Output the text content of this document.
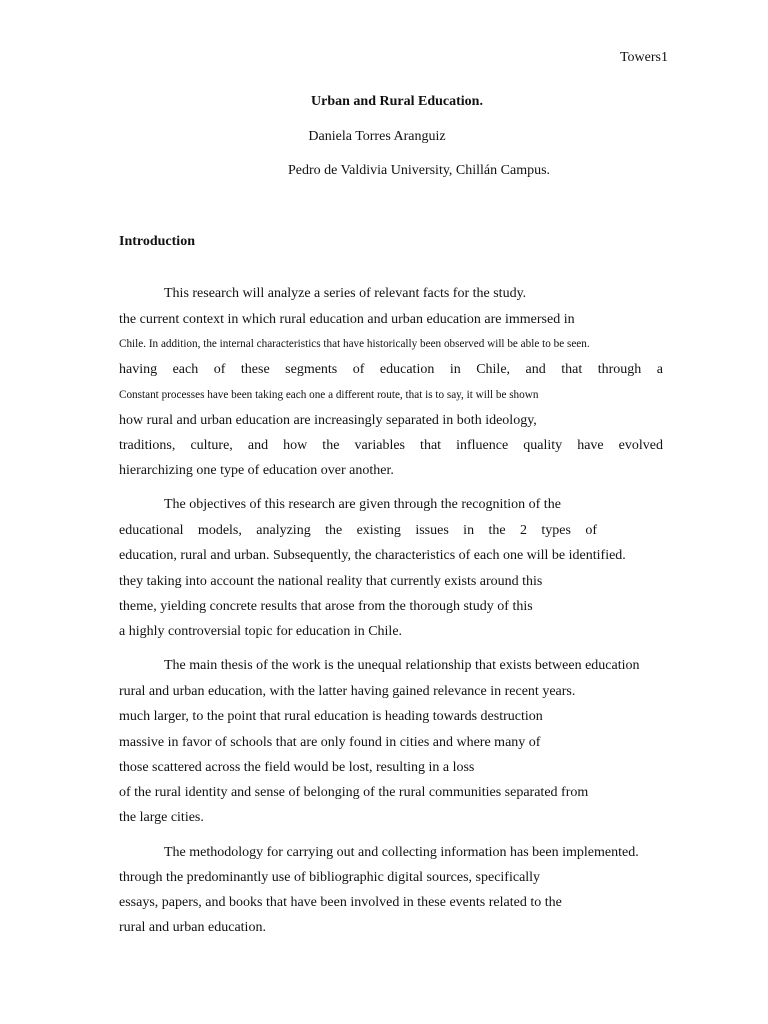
Towers1
Urban and Rural Education.
Daniela Torres Aranguiz
Pedro de Valdivia University, Chillán Campus.
Introduction
This research will analyze a series of relevant facts for the study.
the current context in which rural education and urban education are immersed in
Chile. In addition, the internal characteristics that have historically been observed will be able to be seen.
having each of these segments of education in Chile, and that through a
Constant processes have been taking each one a different route, that is to say, it will be shown
how rural and urban education are increasingly separated in both ideology,
traditions, culture, and how the variables that influence quality have evolved
hierarchizing one type of education over another.
The objectives of this research are given through the recognition of the
educational models, analyzing the existing issues in the 2 types of
education, rural and urban. Subsequently, the characteristics of each one will be identified.
they taking into account the national reality that currently exists around this
theme, yielding concrete results that arose from the thorough study of this
a highly controversial topic for education in Chile.
The main thesis of the work is the unequal relationship that exists between education
rural and urban education, with the latter having gained relevance in recent years.
much larger, to the point that rural education is heading towards destruction
massive in favor of schools that are only found in cities and where many of
those scattered across the field would be lost, resulting in a loss
of the rural identity and sense of belonging of the rural communities separated from
the large cities.
The methodology for carrying out and collecting information has been implemented.
through the predominantly use of bibliographic digital sources, specifically
essays, papers, and books that have been involved in these events related to the
rural and urban education.
